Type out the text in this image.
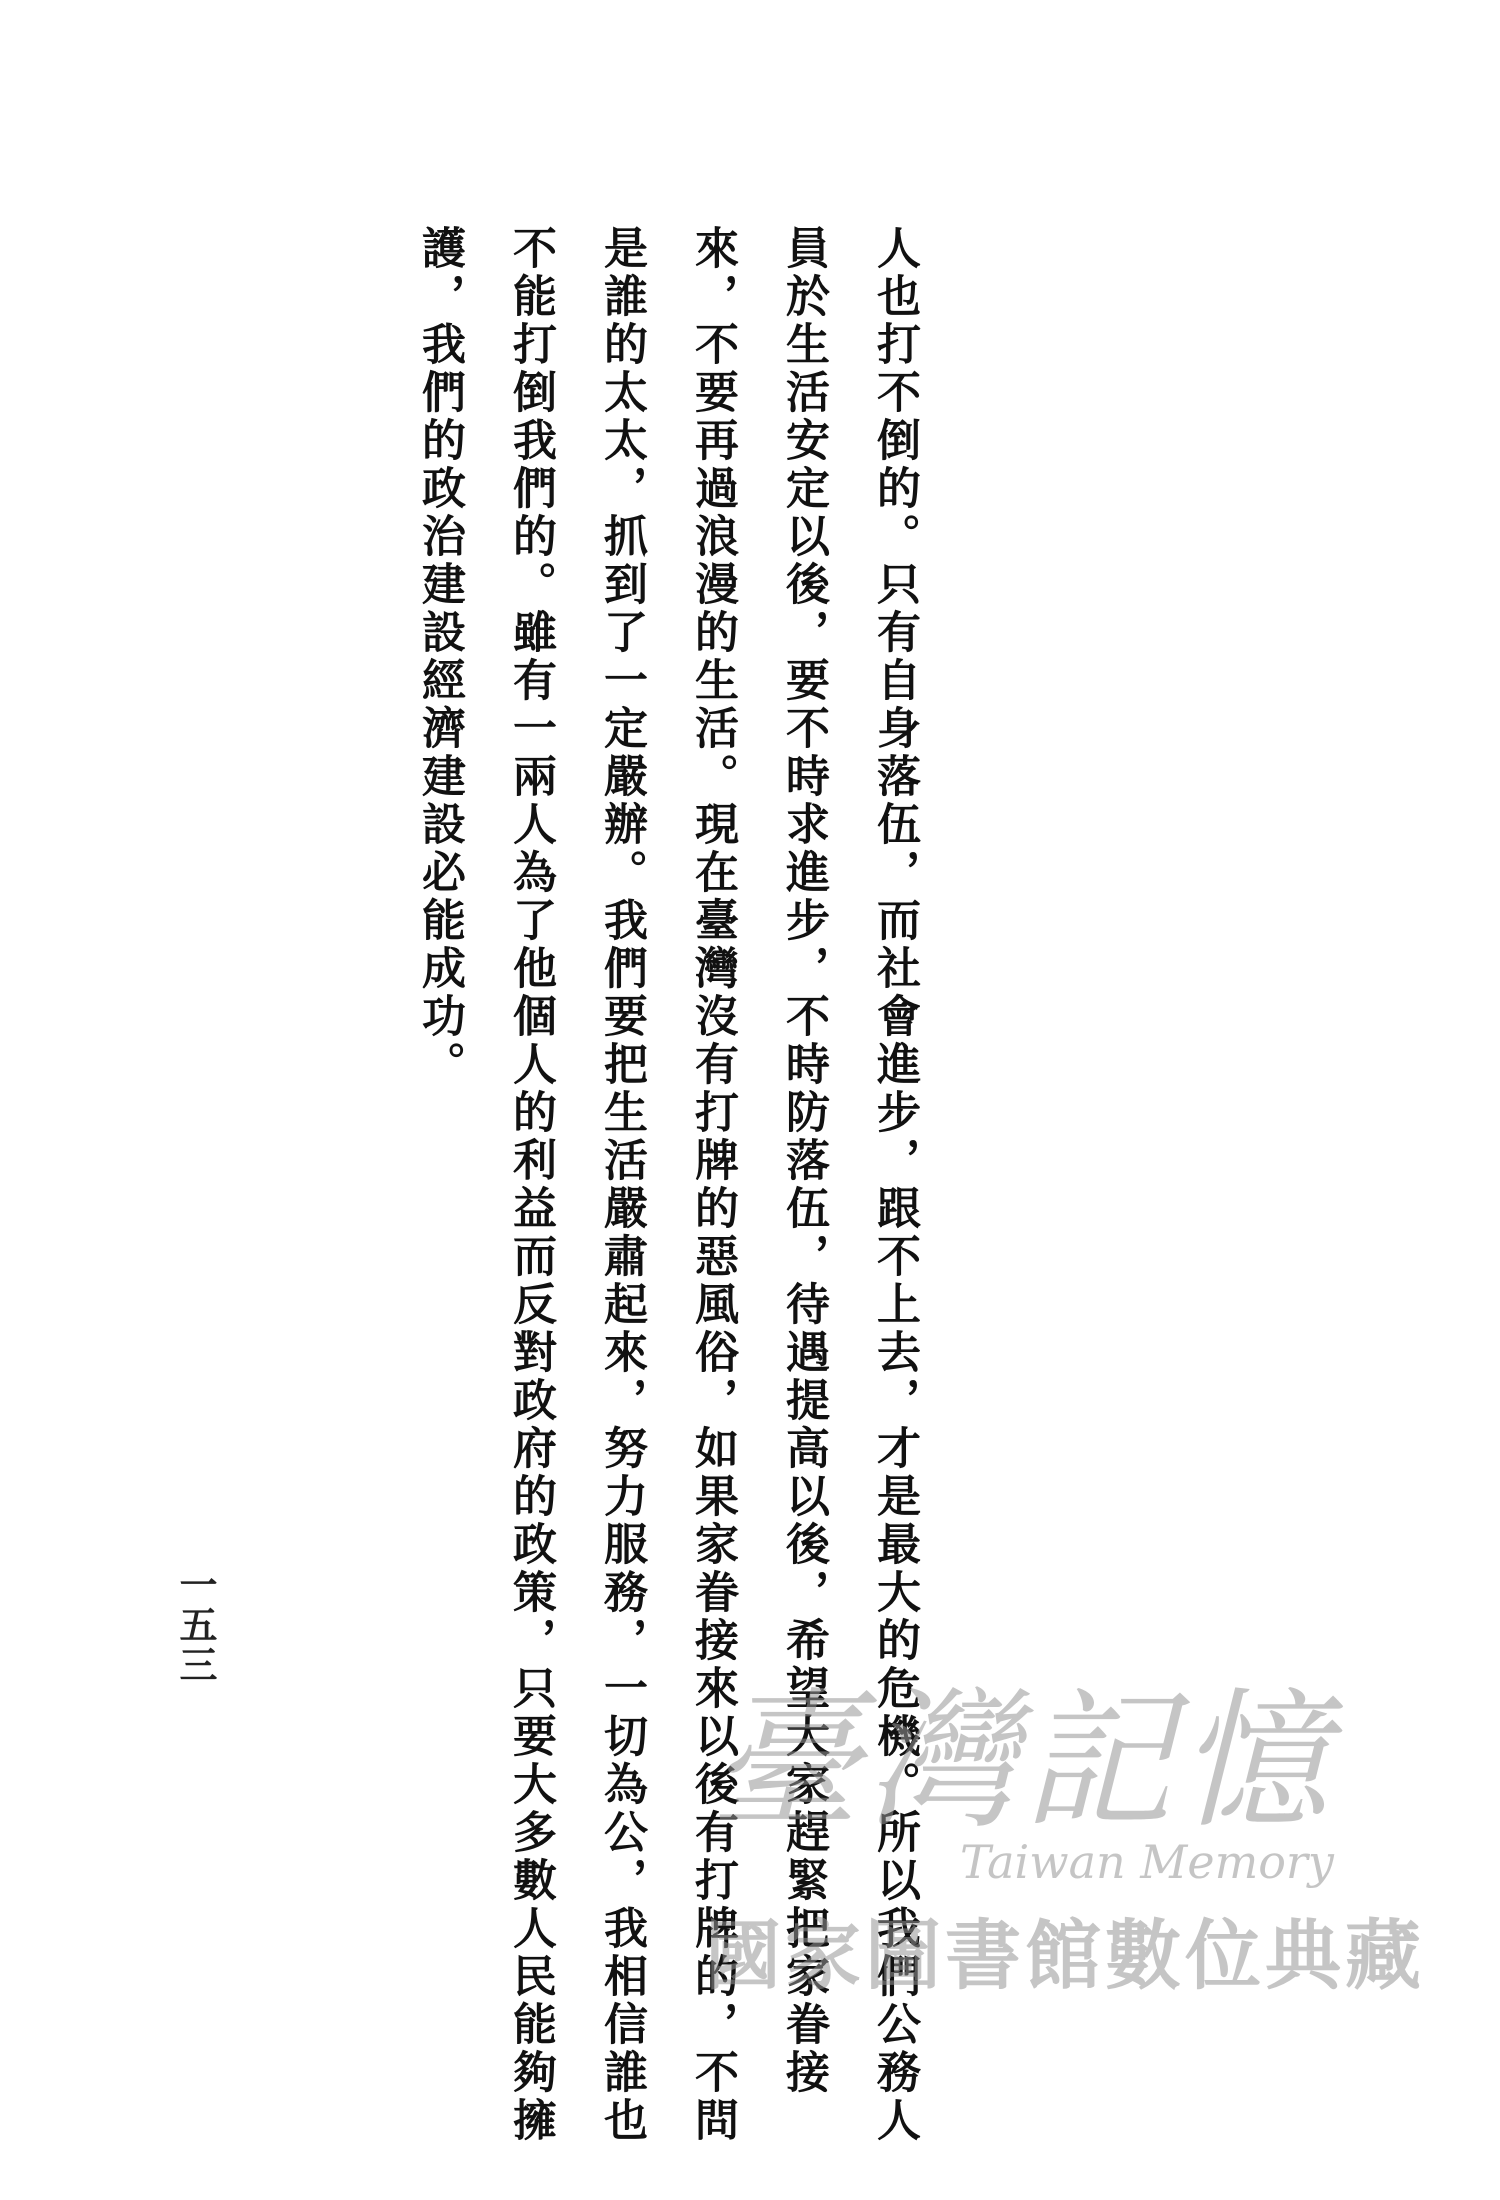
人也打不倒的。只有自身落伍，而社會進步，跟不上去，才是最大的危機。所以我們公務人
員於生活安定以後，要不時求進步，不時防落伍，待遇提高以後，希望大家趕緊把家眷接
來，不要再過浪漫的生活。現在臺灣沒有打牌的惡風俗，如果家眷接來以後有打牌的，不問
是誰的太太，抓到了一定嚴辦。我們要把生活嚴肅起來，努力服務，一切為公，我相信誰也
不能打倒我們的。雖有一兩人為了他個人的利益而反對政府的政策，只要大多數人民能夠擁
護，我們的政治建設經濟建設必能成功。
一五三
臺灣記憶
Taiwan Memory
國家圖書館數位典藏
